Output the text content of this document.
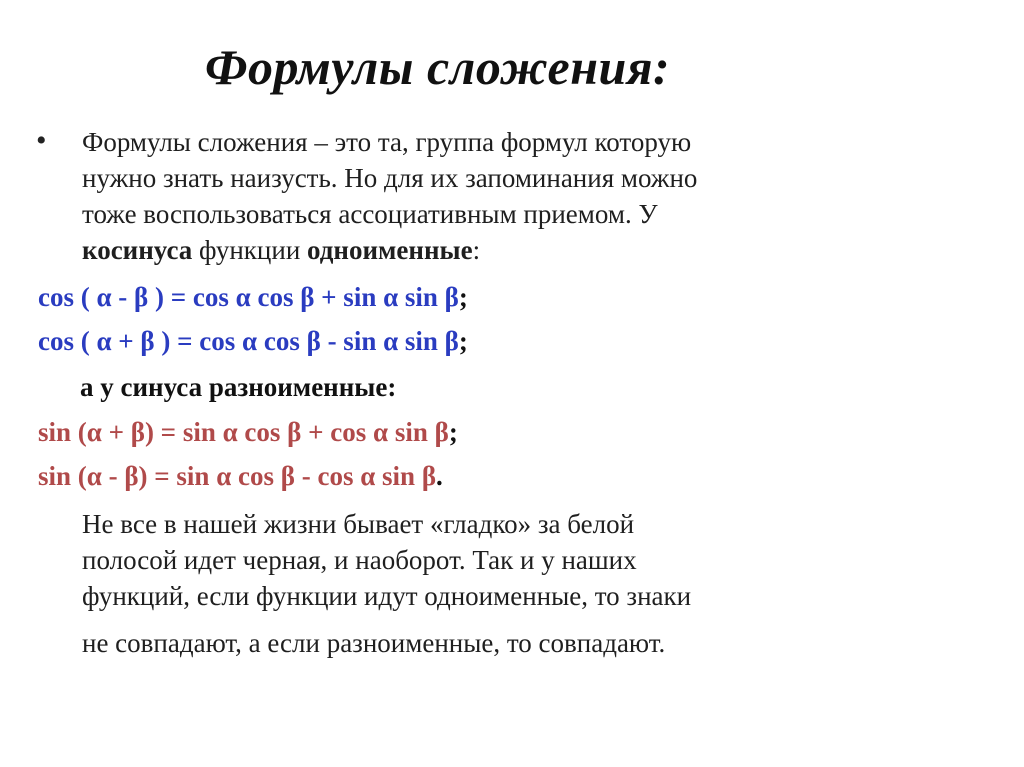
Формулы сложения:
• Формулы сложения – это та, группа формул которую
нужно знать наизусть. Но для их запоминания можно
тоже воспользоваться ассоциативным приемом. У
косинуса функции одноименные:
cos ( α - β ) = cos α cos β + sin α sin β;
cos ( α + β ) = cos α cos β - sin α sin β;
а у синуса разноименные:
sin (α + β) = sin α cos β + cos α sin β;
sin (α - β) = sin α cos β - cos α sin β.
Не все в нашей жизни бывает «гладко» за белой
полосой идет черная, и наоборот. Так и у наших
функций, если функции идут одноименные, то знаки
не совпадают, а если разноименные, то совпадают.
